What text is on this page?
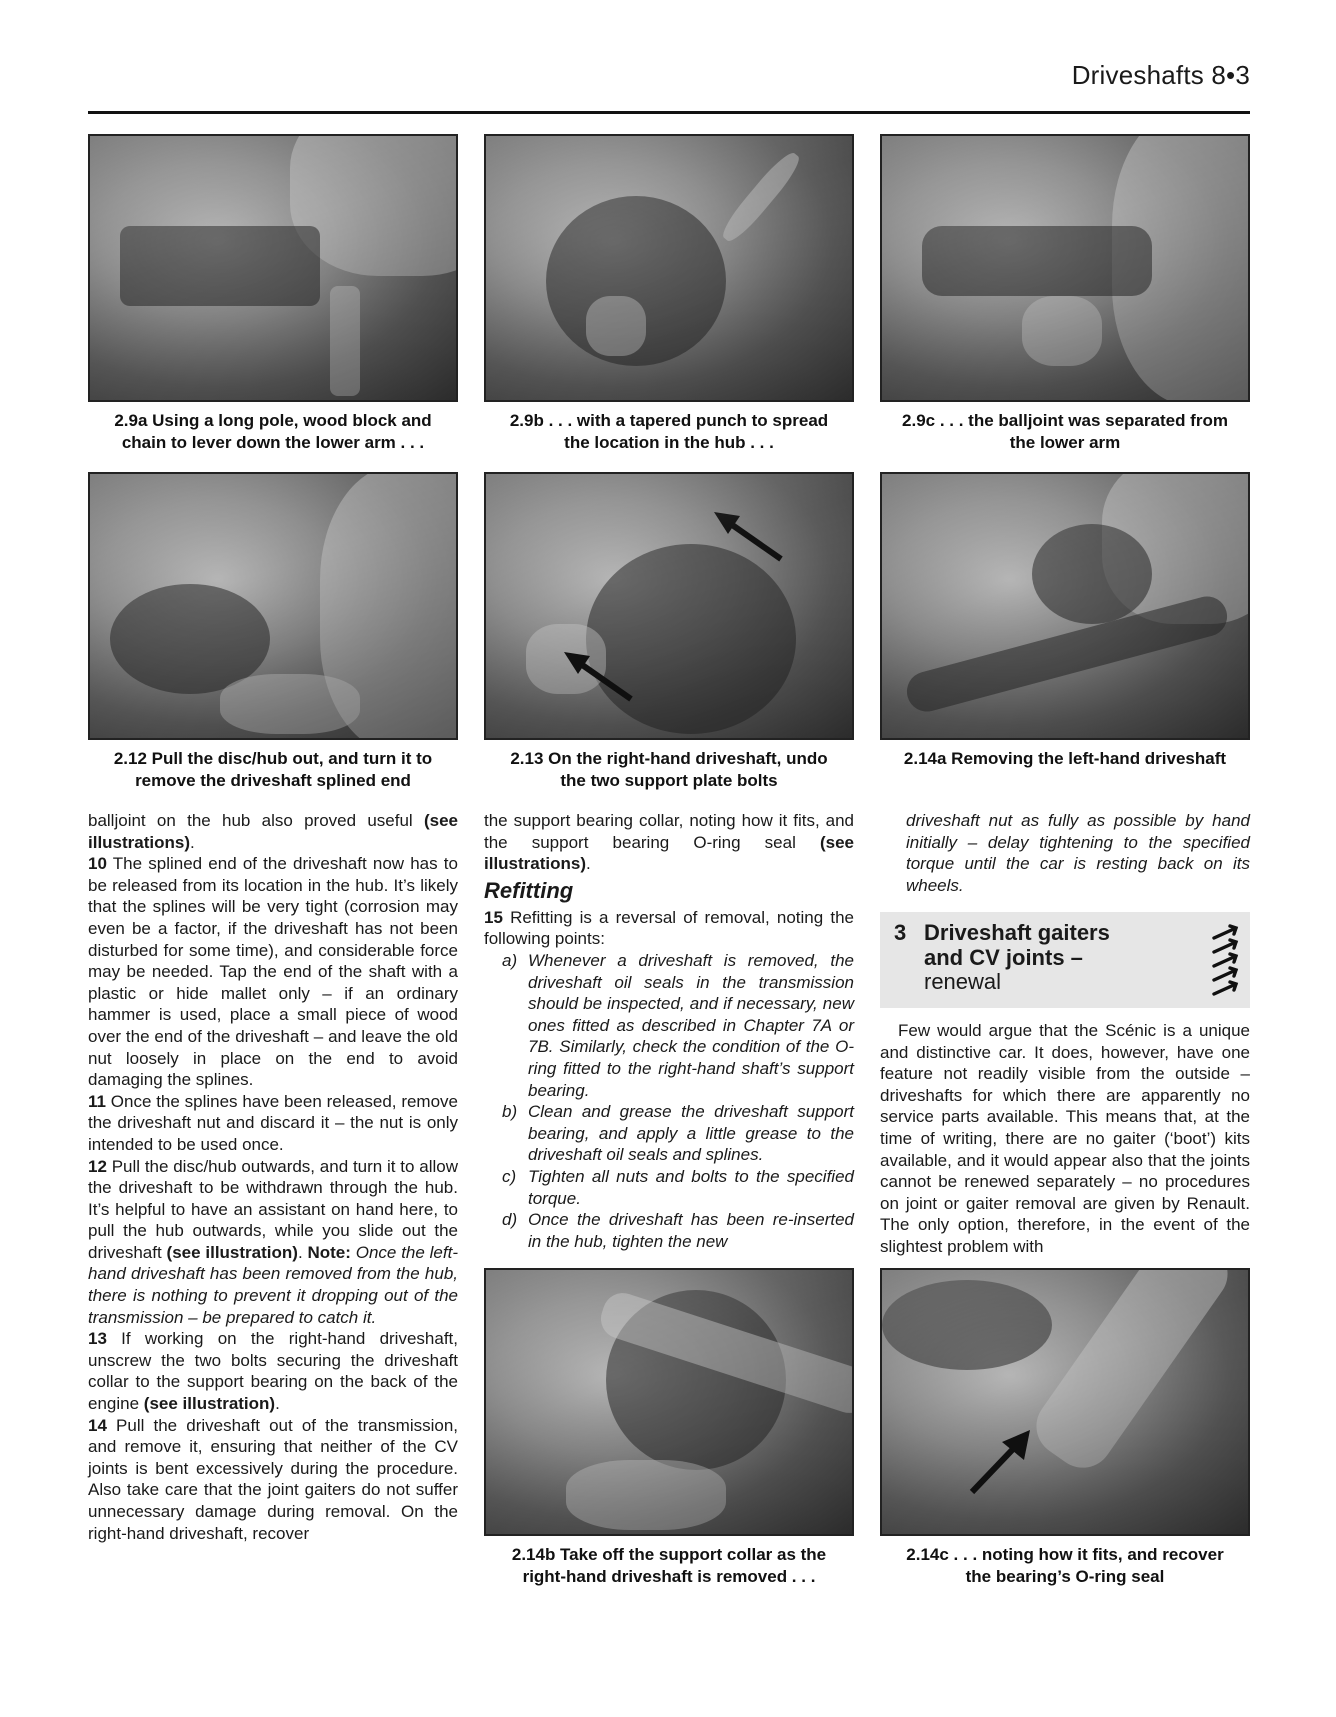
Driveshafts 8•3
2.9a Using a long pole, wood block and
chain to lever down the lower arm . . .
2.9b . . . with a tapered punch to spread
the location in the hub . . .
2.9c . . . the balljoint was separated from
the lower arm
2.12 Pull the disc/hub out, and turn it to
remove the driveshaft splined end
2.13 On the right-hand driveshaft, undo
the two support plate bolts
2.14a Removing the left-hand driveshaft

balljoint on the hub also proved useful (see illustrations).

10 The splined end of the driveshaft now has to be released from its location in the hub. It’s likely that the splines will be very tight (corrosion may even be a factor, if the driveshaft has not been disturbed for some time), and considerable force may be needed. Tap the end of the shaft with a plastic or hide mallet only – if an ordinary hammer is used, place a small piece of wood over the end of the driveshaft – and leave the old nut loosely in place on the end to avoid damaging the splines.

11 Once the splines have been released, remove the driveshaft nut and discard it – the nut is only intended to be used once.

12 Pull the disc/hub outwards, and turn it to allow the driveshaft to be withdrawn through the hub. It’s helpful to have an assistant on hand here, to pull the hub outwards, while you slide out the driveshaft (see illustration). Note: Once the left-hand driveshaft has been removed from the hub, there is nothing to prevent it dropping out of the transmission – be prepared to catch it.

13 If working on the right-hand driveshaft, unscrew the two bolts securing the driveshaft collar to the support bearing on the back of the engine (see illustration).

14 Pull the driveshaft out of the transmission, and remove it, ensuring that neither of the CV joints is bent excessively during the procedure. Also take care that the joint gaiters do not suffer unnecessary damage during removal. On the right-hand driveshaft, recover

the support bearing collar, noting how it fits, and the support bearing O-ring seal (see illustrations).

Refitting

15 Refitting is a reversal of removal, noting the following points:

a) Whenever a driveshaft is removed, the driveshaft oil seals in the transmission should be inspected, and if necessary, new ones fitted as described in Chapter 7A or 7B. Similarly, check the condition of the O-ring fitted to the right-hand shaft’s support bearing.

b) Clean and grease the driveshaft support bearing, and apply a little grease to the driveshaft oil seals and splines.

c) Tighten all nuts and bolts to the specified torque.

d) Once the driveshaft has been re-inserted in the hub, tighten the new

driveshaft nut as fully as possible by hand initially – delay tightening to the specified torque until the car is resting back on its wheels.

3 Driveshaft gaiters
and CV joints –
renewal

Few would argue that the Scénic is a unique and distinctive car. It does, however, have one feature not readily visible from the outside – driveshafts for which there are apparently no service parts available. This means that, at the time of writing, there are no gaiter (‘boot’) kits available, and it would appear also that the joints cannot be renewed separately – no procedures on joint or gaiter removal are given by Renault. The only option, therefore, in the event of the slightest problem with

2.14b Take off the support collar as the
right-hand driveshaft is removed . . .
2.14c . . . noting how it fits, and recover
the bearing’s O-ring seal
